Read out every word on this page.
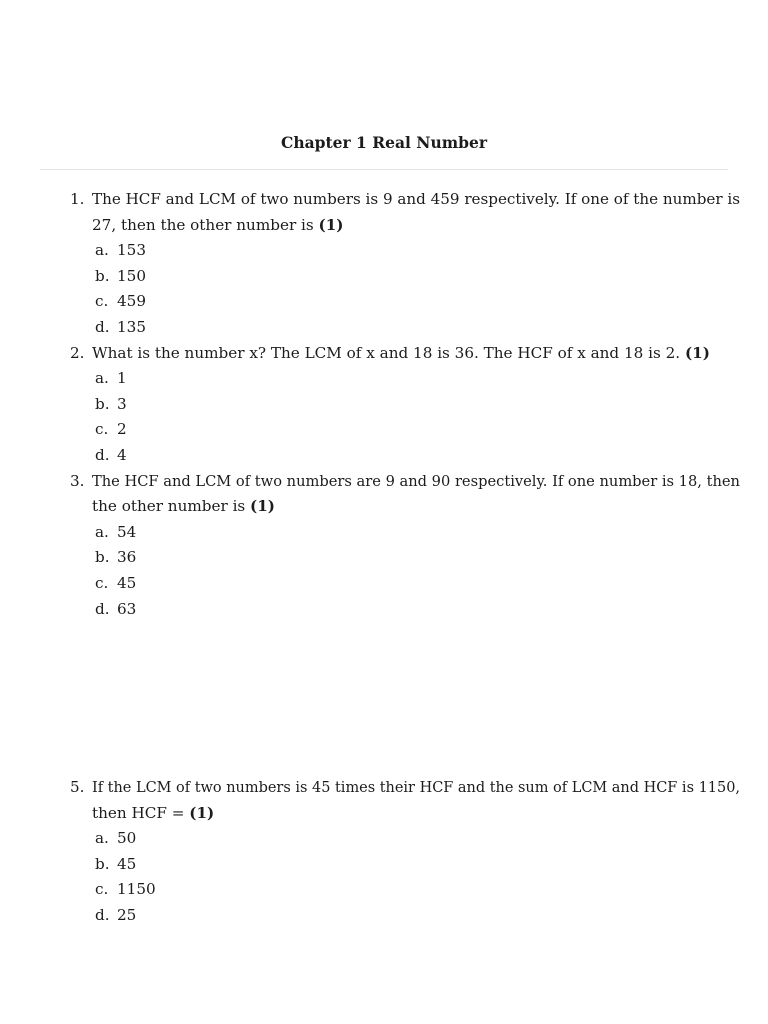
Chapter 1 Real Number
1. The HCF and LCM of two numbers is 9 and 459 respectively. If one of the number is
27, then the other number is (1)
a. 153
b. 150
c. 459
d. 135
2. What is the number x? The LCM of x and 18 is 36. The HCF of x and 18 is 2. (1)
a. 1
b. 3
c. 2
d. 4
3. The HCF and LCM of two numbers are 9 and 90 respectively. If one number is 18, then
the other number is (1)
a. 54
b. 36
c. 45
d. 63
5. If the LCM of two numbers is 45 times their HCF and the sum of LCM and HCF is 1150,
then HCF = (1)
a. 50
b. 45
c. 1150
d. 25
